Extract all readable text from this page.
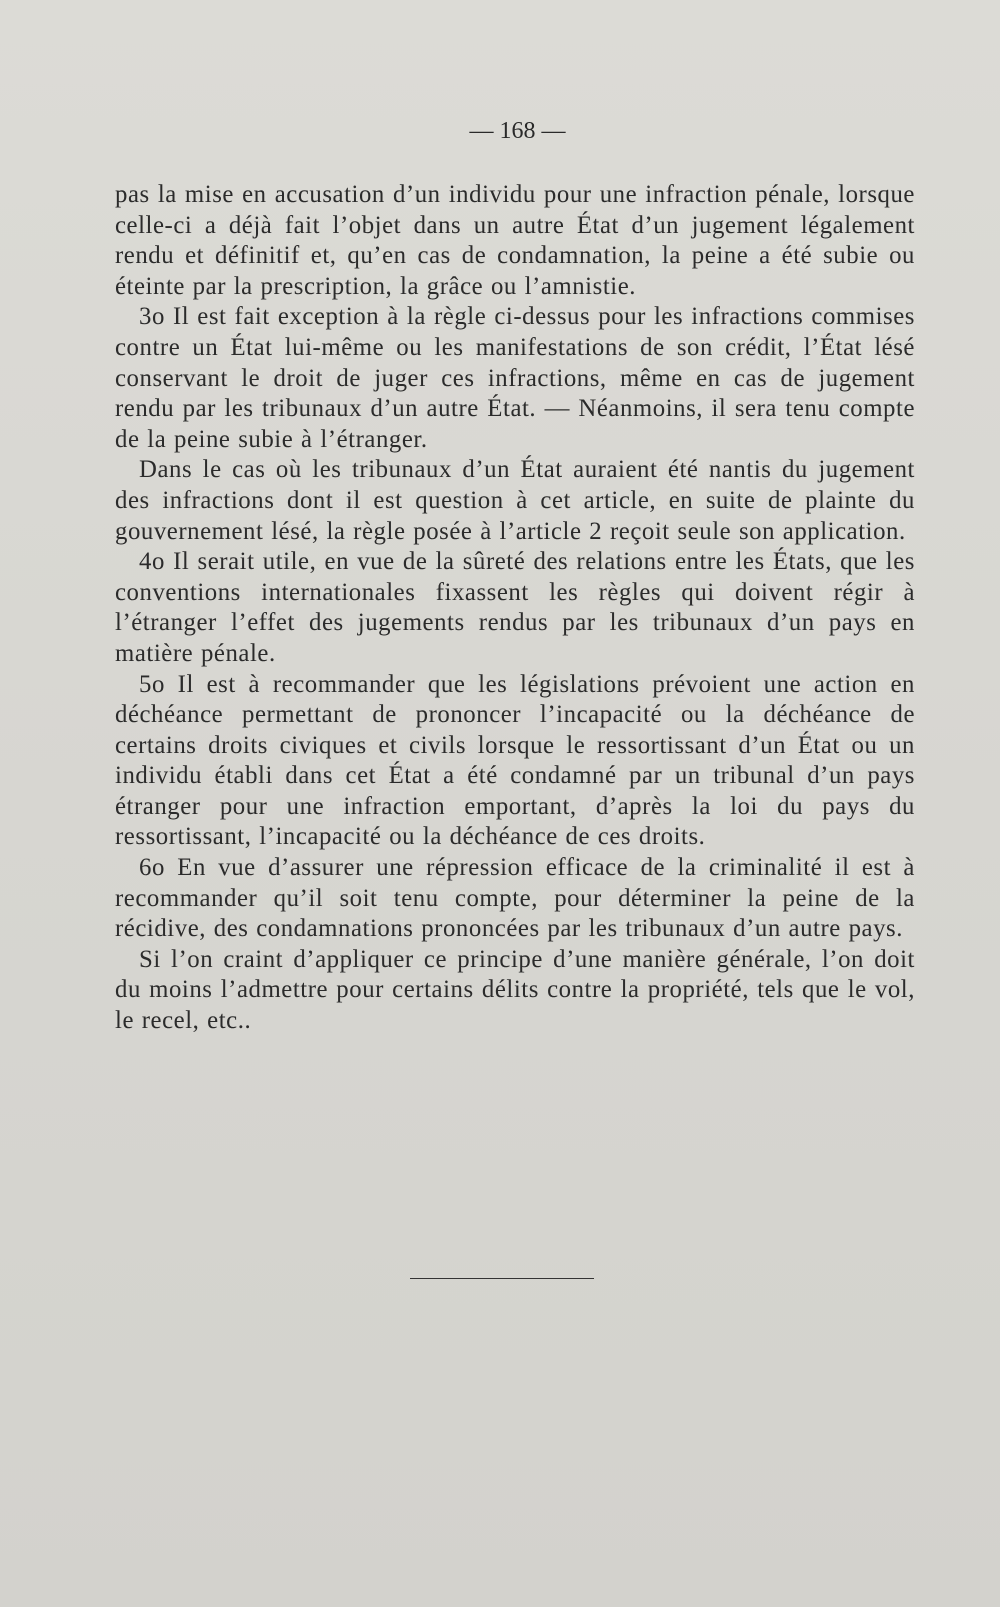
— 168 —

pas la mise en accusation d’un individu pour une infraction pénale, lorsque celle-ci a déjà fait l’objet dans un autre État d’un jugement légalement rendu et définitif et, qu’en cas de condamnation, la peine a été subie ou éteinte par la prescription, la grâce ou l’amnistie.

3o Il est fait exception à la règle ci-dessus pour les infractions commises contre un État lui-même ou les manifestations de son crédit, l’État lésé conservant le droit de juger ces infractions, même en cas de jugement rendu par les tribunaux d’un autre État. — Néanmoins, il sera tenu compte de la peine subie à l’étranger.

Dans le cas où les tribunaux d’un État auraient été nantis du jugement des infractions dont il est question à cet article, en suite de plainte du gouvernement lésé, la règle posée à l’article 2 reçoit seule son application.

4o Il serait utile, en vue de la sûreté des relations entre les États, que les conventions internationales fixassent les règles qui doivent régir à l’étranger l’effet des jugements rendus par les tribunaux d’un pays en matière pénale.

5o Il est à recommander que les législations prévoient une action en déchéance permettant de prononcer l’incapacité ou la déchéance de certains droits civiques et civils lorsque le ressortissant d’un État ou un individu établi dans cet État a été condamné par un tribunal d’un pays étranger pour une infraction emportant, d’après la loi du pays du ressortissant, l’incapacité ou la déchéance de ces droits.

6o En vue d’assurer une répression efficace de la criminalité il est à recommander qu’il soit tenu compte, pour déterminer la peine de la récidive, des condamnations prononcées par les tribunaux d’un autre pays.

Si l’on craint d’appliquer ce principe d’une manière générale, l’on doit du moins l’admettre pour certains délits contre la propriété, tels que le vol, le recel, etc..
